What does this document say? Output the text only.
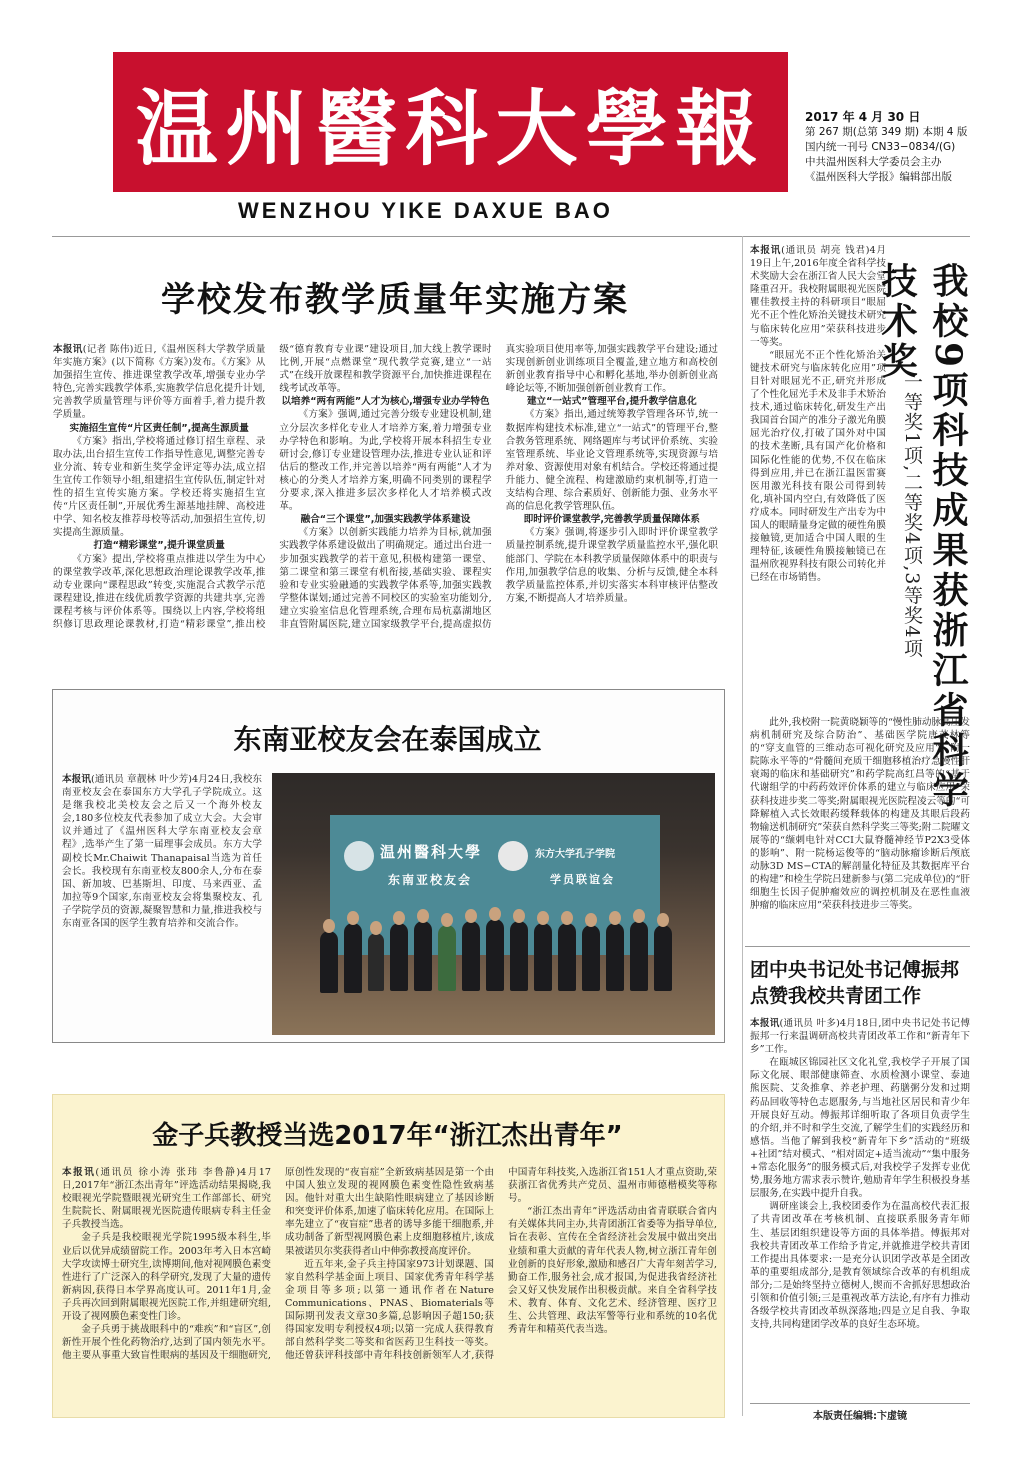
温州醫科大學報
WENZHOU YIKE DAXUE BAO
2017 年 4 月 30 日
第 267 期(总第 349 期) 本期 4 版
国内统一刊号 CN33−0834/(G)
中共温州医科大学委员会主办
《温州医科大学报》编辑部出版
学校发布教学质量年实施方案

本报讯(记者 陈伟)近日,《温州医科大学教学质量年实施方案》(以下简称《方案》)发布。《方案》从加强招生宣传、推进课堂教学改革,增强专业办学特色,完善实践教学体系,实施教学信息化提升计划,完善教学质量管理与评价等方面着手,着力提升教学质量。

实施招生宣传“片区责任制”,提高生源质量

《方案》指出,学校将通过修订招生章程、录取办法,出台招生宣传工作指导性意见,调整完善专业分流、转专业和新生奖学金评定等办法,成立招生宣传工作领导小组,组建招生宣传队伍,制定针对性的招生宣传实施方案。学校还将实施招生宣传“片区责任制”,开展优秀生源基地挂牌、高校进中学、知名校友推荐母校等活动,加强招生宣传,切实提高生源质量。

打造“精彩课堂”,提升课堂质量

《方案》提出,学校将重点推进以学生为中心的课堂教学改革,深化思想政治理论课教学改革,推动专业课向“课程思政”转变,实施混合式教学示范课程建设,推进在线优质教学资源的共建共享,完善课程考核与评价体系等。围绕以上内容,学校将组织修订思政理论课教材,打造“精彩课堂”,推出校级“德育教育专业课”建设项目,加大线上教学课时比例,开展“点燃课堂”现代教学竞赛,建立“一站式”在线开放课程和教学资源平台,加快推进课程在线考试改革等。

以培养“两有两能”人才为核心,增强专业办学特色

《方案》强调,通过完善分级专业建设机制,建立分层次多样化专业人才培养方案,着力增强专业办学特色和影响。为此,学校将开展本科招生专业研讨会,修订专业建设管理办法,推进专业认证和评估后的整改工作,并完善以培养“两有两能”人才为核心的分类人才培养方案,明确不同类别的课程学分要求,深入推进多层次多样化人才培养模式改革。

融合“三个课堂”,加强实践教学体系建设

《方案》以创新实践能力培养为目标,就加强实践教学体系建设做出了明确规定。通过出台进一步加强实践教学的若干意见,积极构建第一课堂、第二课堂和第三课堂有机衔接,基础实验、课程实验和专业实验融通的实践教学体系等,加强实践教学整体谋划;通过完善不同校区的实验室功能划分,建立实验室信息化管理系统,合理布局杭嘉湖地区非直管附属医院,建立国家级教学平台,提高虚拟仿真实验项目使用率等,加强实践教学平台建设;通过实现创新创业训练项目全覆盖,建立地方和高校创新创业教育指导中心和孵化基地,举办创新创业高峰论坛等,不断加强创新创业教育工作。

建立“一站式”管理平台,提升教学信息化

《方案》指出,通过统筹教学管理各环节,统一数据库构建技术标准,建立“一站式”的管理平台,整合教务管理系统、网络题库与考试评价系统、实验室管理系统、毕业论文管理系统等,实现资源与培养对象、资源使用对象有机结合。学校还将通过提升能力、健全流程、构建激励约束机制等,打造一支结构合理、综合素质好、创新能力强、业务水平高的信息化教学管理队伍。

即时评价课堂教学,完善教学质量保障体系

《方案》强调,将逐步引入即时评价课堂教学质量控制系统,提升课堂教学质量监控水平,强化职能部门、学院在本科教学质量保障体系中的职责与作用,加强教学信息的收集、分析与反馈,健全本科教学质量监控体系,并切实落实本科审核评估整改方案,不断提高人才培养质量。

东南亚校友会在泰国成立

本报讯(通讯员 章靓林 叶少芳)4月24日,我校东南亚校友会在泰国东方大学孔子学院成立。这是继我校北美校友会之后又一个海外校友会,180多位校友代表参加了成立大会。大会审议并通过了《温州医科大学东南亚校友会章程》,选举产生了第一届理事会成员。东方大学副校长Mr.Chaiwit Thanapaisal当选为首任会长。我校现有东南亚校友800余人,分布在泰国、新加坡、巴基斯坦、印度、马来西亚、孟加拉等9个国家,东南亚校友会将集聚校友、孔子学院学员的资源,凝聚智慧和力量,推进我校与东南亚各国的医学生教育培养和交流合作。

温州醫科大學
东南亚校友会
东方大学孔子学院
学员联谊会
金子兵教授当选2017年“浙江杰出青年”

本报讯(通讯员 徐小涛 张玮 李鲁静)4月17日,2017年“浙江杰出青年”评选活动结果揭晓,我校眼视光学院暨眼视光研究生工作部部长、研究生院院长、附属眼视光医院遗传眼病专科主任金子兵教授当选。

金子兵是我校眼视光学院1995级本科生,毕业后以优异成绩留院工作。2003年考入日本宫崎大学攻读博士研究生,读博期间,他对视网膜色素变性进行了广泛深入的科学研究,发现了大量的遗传新病因,获得日本学界高度认可。2011年1月,金子兵再次回到附属眼视光医院工作,并组建研究组,开设了视网膜色素变性门诊。

金子兵勇于挑战眼科中的“难疾”和“盲区”,创新性开展个性化药物治疗,达到了国内领先水平。他主要从事重大致盲性眼病的基因及干细胞研究,原创性发现的“夜盲症”全新致病基因是第一个由中国人独立发现的视网膜色素变性隐性致病基因。他针对重大出生缺陷性眼病建立了基因诊断和突变评价体系,加速了临床转化应用。在国际上率先建立了“夜盲症”患者的诱导多能干细胞系,并成功制备了新型视网膜色素上皮细胞移植片,该成果被诺贝尔奖获得者山中伸弥教授高度评价。

近五年来,金子兵主持国家973计划课题、国家自然科学基金面上项目、国家优秀青年科学基金项目等多项;以第一通讯作者在Nature Communications、PNAS、Biomaterials等国际期刊发表文章30多篇,总影响因子超150;获得国家发明专利授权4项;以第一完成人获得教育部自然科学奖二等奖和省医药卫生科技一等奖。他还曾获评科技部中青年科技创新领军人才,获得中国青年科技奖,入选浙江省151人才重点资助,荣获浙江省优秀共产党员、温州市师德楷模奖等称号。

“浙江杰出青年”评选活动由省青联联合省内有关媒体共同主办,共青团浙江省委等为指导单位,旨在表彰、宣传在全省经济社会发展中做出突出业绩和重大贡献的青年代表人物,树立浙江青年创业创新的良好形象,激励和感召广大青年刻苦学习,勤奋工作,服务社会,成才报国,为促进我省经济社会又好又快发展作出积极贡献。来自全省科学技术、教育、体育、文化艺术、经济管理、医疗卫生、公共管理、政法军警等行业和系统的10名优秀青年和精英代表当选。

我校9项科技成果获浙江省科学技术奖
一等奖1项,二等奖4项,3等奖4项

本报讯(通讯员 胡亮 钱君)4月19日上午,2016年度全省科学技术奖励大会在浙江省人民大会堂隆重召开。我校附属眼视光医院瞿佳教授主持的科研项目“眼屈光不正个性化矫治关键技术研究与临床转化应用”荣获科技进步一等奖。

“眼屈光不正个性化矫治关键技术研究与临床转化应用”项目针对眼屈光不正,研究并形成了个性化屈光手术及非手术矫治技术,通过临床转化,研发生产出我国首台国产的准分子激光角膜屈光治疗仪,打破了国外对中国的技术垄断,具有国产化价格和国际化性能的优势,不仅在临床得到应用,并已在浙江温医雷赛医用激光科技有限公司得到转化,填补国内空白,有效降低了医疗成本。同时研发生产出专为中国人的眼睛量身定做的硬性角膜接触镜,更加适合中国人眼的生理特征,该硬性角膜接触镜已在温州欣视界科技有限公司转化并已经在市场销售。

此外,我校附一院黄晓颖等的“慢性肺动脉高压发病机制研究及综合防治”、基础医学院唐茂林等的“穿支血管的三维动态可视化研究及应用”、附一院陈永平等的“骨髓间充质干细胞移植治疗急慢性肝衰竭的临床和基础研究”和药学院高红昌等的“基于代谢组学的中药药效评价体系的建立与临床应用”荣获科技进步奖二等奖;附属眼视光医院程凌云等的“可降解植入式长效眼药缓释载体的构建及其眼后段药物输送机制研究”荣获自然科学奖三等奖;附二院曜文展等的“缬刺电针对CCI大鼠脊髓神经节P2X3受体的影响”、附一院杨运俊等的“脑动脉瘤诊断后颅底动脉3D MS−CTA的解剖量化特征及其数据库平台的构建”和检生学院吕建新参与(第二完成单位)的“肝细胞生长因子促肿瘤效应的调控机制及在恶性血液肿瘤的临床应用”荣获科技进步三等奖。

团中央书记处书记傅振邦点赞我校共青团工作

本报讯(通讯员 叶多)4月18日,团中央书记处书记傅振邦一行来温调研高校共青团改革工作和“新青年下乡”工作。

在瓯城区锦园社区文化礼堂,我校学子开展了国际文化展、眼部健康筛查、水质检测小课堂、泰迪熊医院、艾灸推拿、养老护理、药膳粥分发和过期药品回收等特色志愿服务,与当地社区居民和青少年开展良好互动。傅振邦详细听取了各项目负责学生的介绍,并不时和学生交流,了解学生们的实践经历和感悟。当他了解到我校“新青年下乡”活动的“班级+社团”结对模式、“相对固定+适当流动”“集中服务+常态化服务”的服务模式后,对我校学子发挥专业优势,服务地方需求表示赞许,勉励青年学生积极投身基层服务,在实践中提升自我。

调研座谈会上,我校团委作为在温高校代表汇报了共青团改革在考核机制、直接联系服务青年师生、基层团组织建设等方面的具体举措。傅振邦对我校共青团改革工作给予肯定,并就推进学校共青团工作提出具体要求:一是充分认识团学改革是全团改革的重要组成部分,是教育领域综合改革的有机组成部分;二是始终坚持立德树人,锲而不舍抓好思想政治引领和价值引领;三是重视改革方法论,有序有力推动各级学校共青团改革纵深落地;四是立足自我、争取支持,共同构建团学改革的良好生态环境。

本版责任编辑:卞虚镜
